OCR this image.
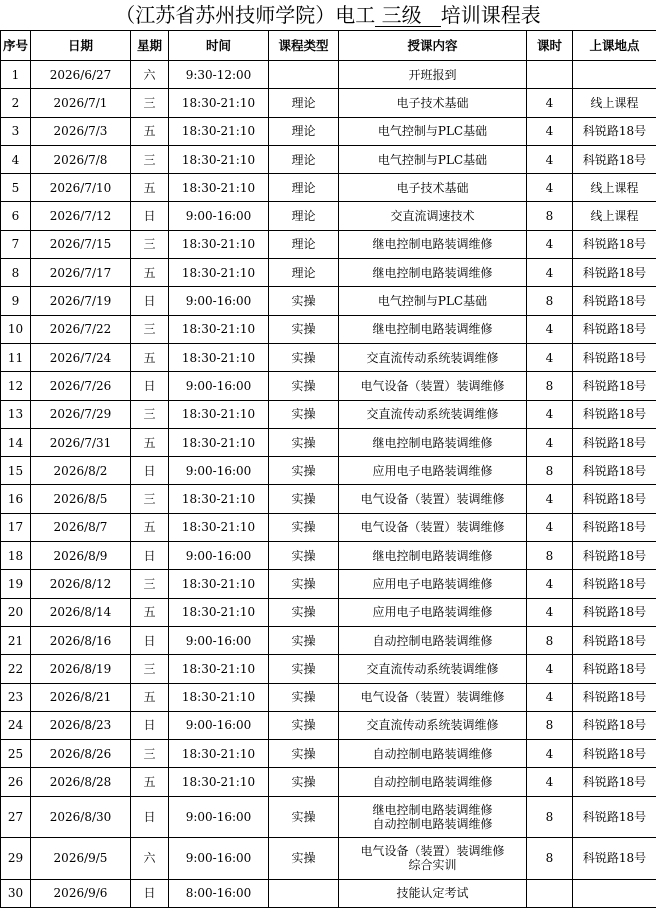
（江苏省苏州技师学院）电工 三级 培训课程表
序号	日期	星期	时间	课程类型	授课内容	课时	上课地点
1	2026/6/27	六	9:30-12:00		开班报到		

2	2026/7/1	三	18:30-21:10	理论	电子技术基础	4	线上课程
3	2026/7/3	五	18:30-21:10	理论	电气控制与PLC基础	4	科锐路18号
4	2026/7/8	三	18:30-21:10	理论	电气控制与PLC基础	4	科锐路18号
5	2026/7/10	五	18:30-21:10	理论	电子技术基础	4	线上课程
6	2026/7/12	日	9:00-16:00	理论	交直流调速技术	8	线上课程
7	2026/7/15	三	18:30-21:10	理论	继电控制电路装调维修	4	科锐路18号
8	2026/7/17	五	18:30-21:10	理论	继电控制电路装调维修	4	科锐路18号
9	2026/7/19	日	9:00-16:00	实操	电气控制与PLC基础	8	科锐路18号
10	2026/7/22	三	18:30-21:10	实操	继电控制电路装调维修	4	科锐路18号
11	2026/7/24	五	18:30-21:10	实操	交直流传动系统装调维修	4	科锐路18号
12	2026/7/26	日	9:00-16:00	实操	电气设备（装置）装调维修	8	科锐路18号
13	2026/7/29	三	18:30-21:10	实操	交直流传动系统装调维修	4	科锐路18号
14	2026/7/31	五	18:30-21:10	实操	继电控制电路装调维修	4	科锐路18号
15	2026/8/2	日	9:00-16:00	实操	应用电子电路装调维修	8	科锐路18号
16	2026/8/5	三	18:30-21:10	实操	电气设备（装置）装调维修	4	科锐路18号
17	2026/8/7	五	18:30-21:10	实操	电气设备（装置）装调维修	4	科锐路18号
18	2026/8/9	日	9:00-16:00	实操	继电控制电路装调维修	8	科锐路18号
19	2026/8/12	三	18:30-21:10	实操	应用电子电路装调维修	4	科锐路18号
20	2026/8/14	五	18:30-21:10	实操	应用电子电路装调维修	4	科锐路18号
21	2026/8/16	日	9:00-16:00	实操	自动控制电路装调维修	8	科锐路18号
22	2026/8/19	三	18:30-21:10	实操	交直流传动系统装调维修	4	科锐路18号
23	2026/8/21	五	18:30-21:10	实操	电气设备（装置）装调维修	4	科锐路18号
24	2026/8/23	日	9:00-16:00	实操	交直流传动系统装调维修	8	科锐路18号
25	2026/8/26	三	18:30-21:10	实操	自动控制电路装调维修	4	科锐路18号
26	2026/8/28	五	18:30-21:10	实操	自动控制电路装调维修	4	科锐路18号
27	2026/8/30	日	9:00-16:00	实操	继电控制电路装调维修
自动控制电路装调维修	8	科锐路18号
29	2026/9/5	六	9:00-16:00	实操	电气设备（装置）装调维修
综合实训	8	科锐路18号
30	2026/9/6	日	8:00-16:00		技能认定考试		
